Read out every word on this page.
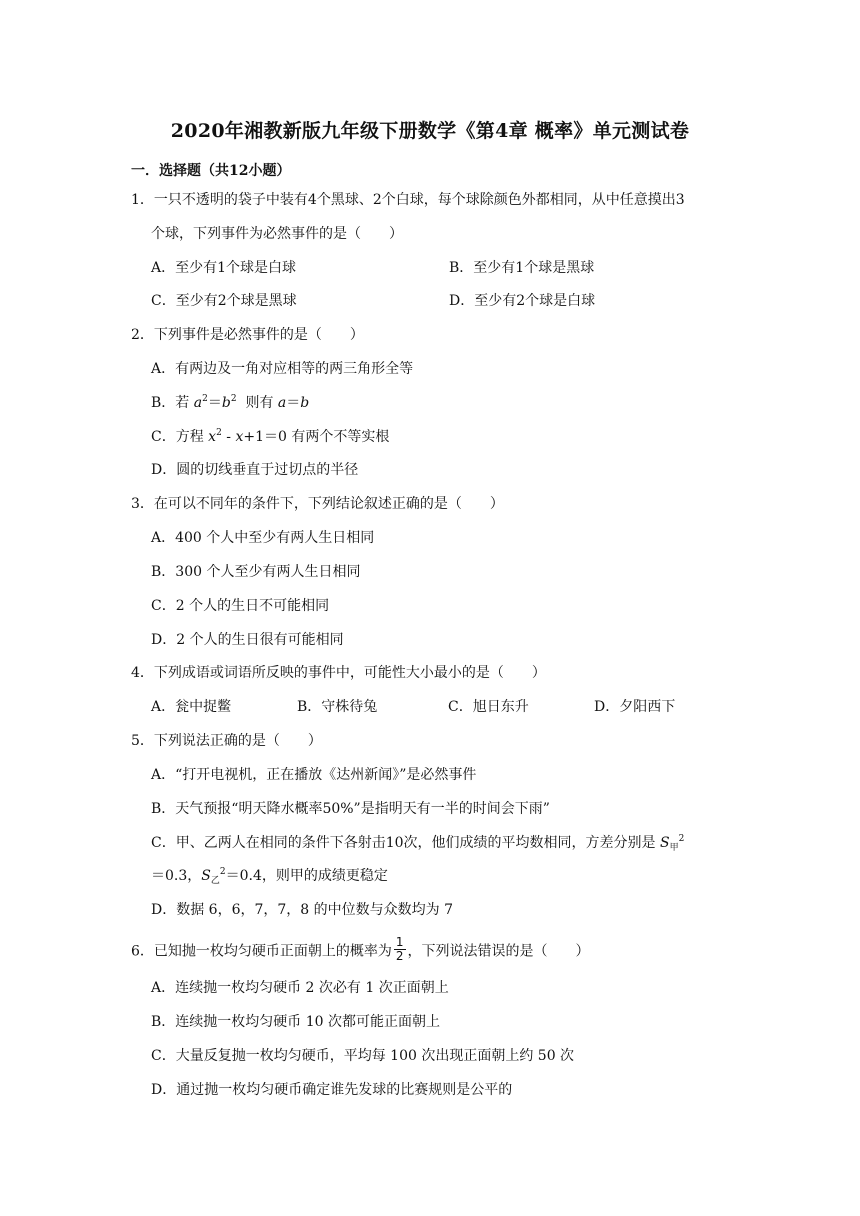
2020年湘教新版九年级下册数学《第4章 概率》单元测试卷
一．选择题（共12小题）
1．一只不透明的袋子中装有4个黑球、2个白球，每个球除颜色外都相同，从中任意摸出3
个球，下列事件为必然事件的是（　　）
A．至少有1个球是白球	B．至少有1个球是黑球
C．至少有2个球是黑球	D．至少有2个球是白球
2．下列事件是必然事件的是（　　）
A．有两边及一角对应相等的两三角形全等
B．若 $a^2=b^2$  则有 a＝b
C．方程 $x^2 - x+1=0$ 有两个不等实根
D．圆的切线垂直于过切点的半径
3．在可以不同年的条件下，下列结论叙述正确的是（　　）
A．400 个人中至少有两人生日相同
B．300 个人至少有两人生日相同
C．2 个人的生日不可能相同
D．2 个人的生日很有可能相同
4．下列成语或词语所反映的事件中，可能性大小最小的是（　　）
A．瓮中捉鳖	B．守株待兔	C．旭日东升	D．夕阳西下
5．下列说法正确的是（　　）
A．“打开电视机，正在播放《达州新闻》”是必然事件
B．天气预报“明天降水概率50%”是指明天有一半的时间会下雨”
C．甲、乙两人在相同的条件下各射击10次，他们成绩的平均数相同，方差分别是 $S_甲^2$
＝0.3，$S_乙^2=0.4$，则甲的成绩更稳定
D．数据 6，6，7，7，8 的中位数与众数均为 7
6．已知抛一枚均匀硬币正面朝上的概率为 $\frac{1}{2}$ ，下列说法错误的是（　　）
A．连续抛一枚均匀硬币 2 次必有 1 次正面朝上
B．连续抛一枚均匀硬币 10 次都可能正面朝上
C．大量反复抛一枚均匀硬币，平均每 100 次出现正面朝上约 50 次
D．通过抛一枚均匀硬币确定谁先发球的比赛规则是公平的
